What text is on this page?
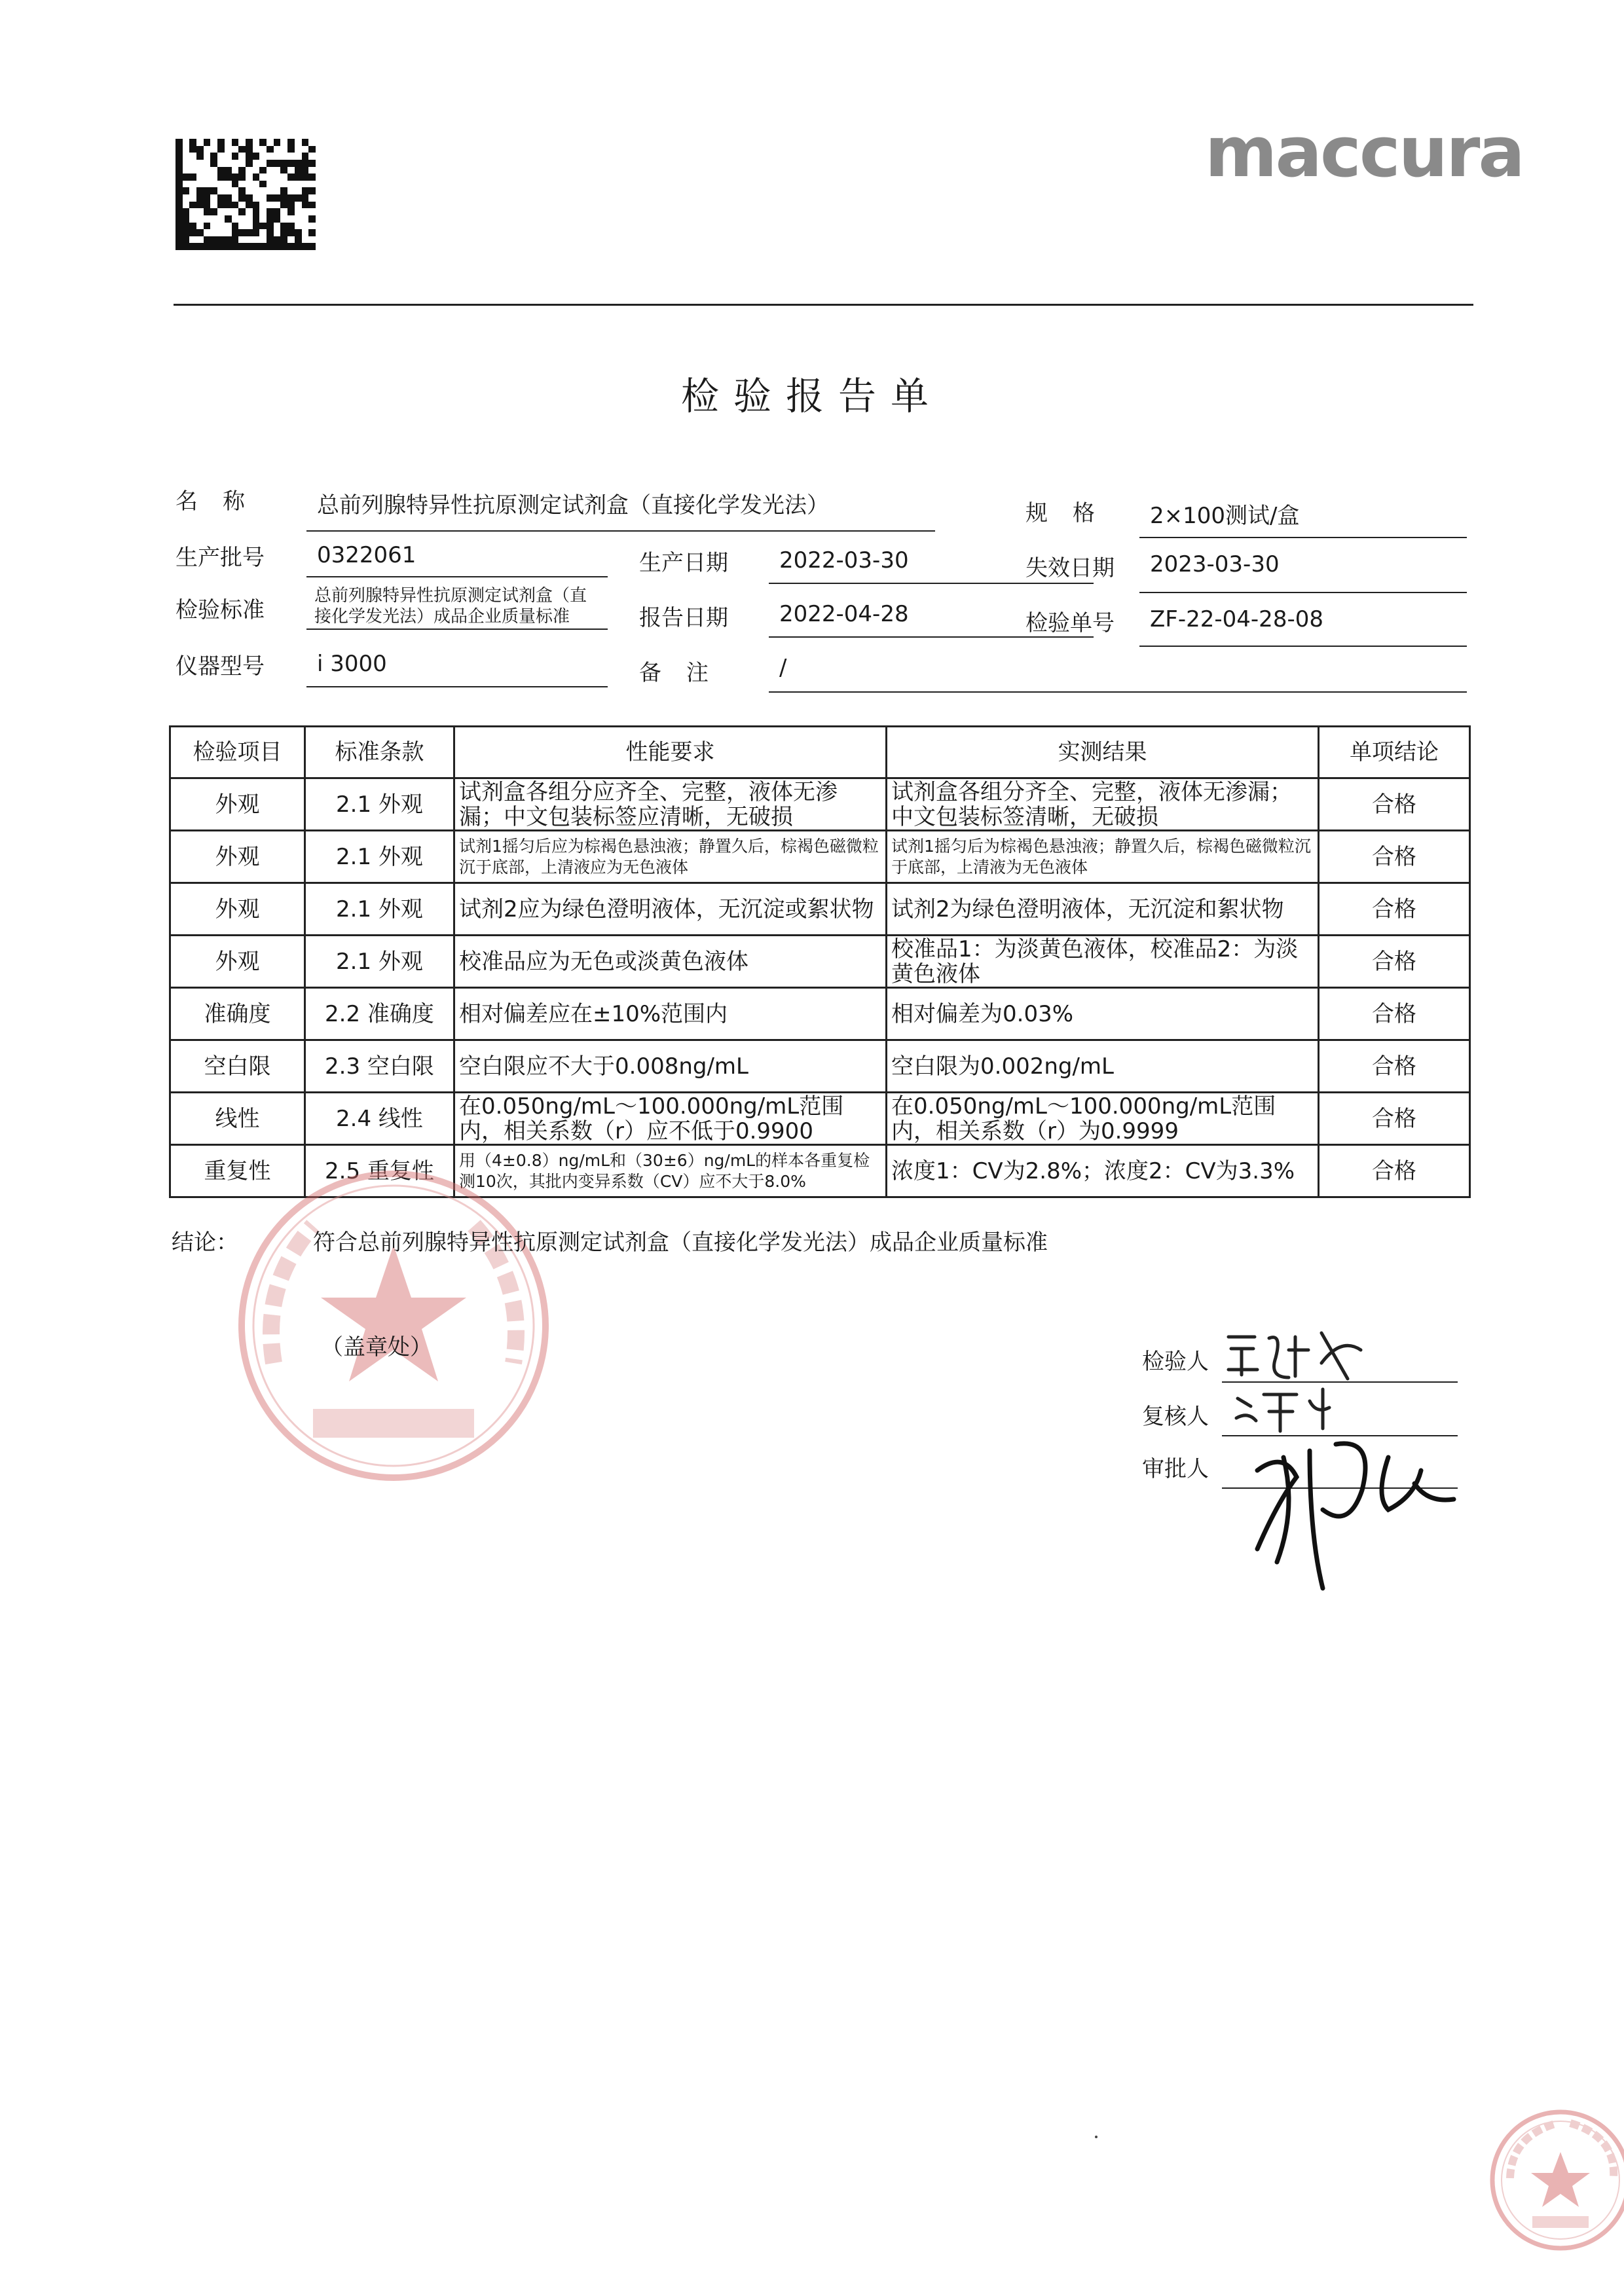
maccura
检验报告单
名称 总前列腺特异性抗原测定试剂盒（直接化学发光法）	规格 2×100测试/盒
生产批号 0322061	生产日期 2022-03-30	失效日期 2023-03-30
检验标准
总前列腺特异性抗原测定试剂盒（直接化学发光法）成品企业质量标准	报告日期 2022-04-28	检验单号 ZF-22-04-28-08
仪器型号 i 3000	备注 /
检验项目	标准条款	性能要求	实测结果	单项结论
外观	2.1 外观	试剂盒各组分应齐全、完整，液体无渗漏；中文包装标签应清晰，无破损	试剂盒各组分齐全、完整，液体无渗漏；中文包装标签清晰，无破损	合格
外观	2.1 外观	试剂1摇匀后应为棕褐色悬浊液；静置久后，棕褐色磁微粒沉于底部，上清液应为无色液体	试剂1摇匀后为棕褐色悬浊液；静置久后，棕褐色磁微粒沉于底部，上清液为无色液体	合格
外观	2.1 外观	试剂2应为绿色澄明液体，无沉淀或絮状物	试剂2为绿色澄明液体，无沉淀和絮状物	合格
外观	2.1 外观	校准品应为无色或淡黄色液体	校准品1：为淡黄色液体，校准品2：为淡黄色液体	合格
准确度	2.2 准确度	相对偏差应在±10%范围内	相对偏差为0.03%	合格
空白限	2.3 空白限	空白限应不大于0.008ng/mL	空白限为0.002ng/mL	合格
线性	2.4 线性	在0.050ng/mL～100.000ng/mL范围内，相关系数（r）应不低于0.9900	在0.050ng/mL～100.000ng/mL范围内，相关系数（r）为0.9999	合格
重复性	2.5 重复性	用（4±0.8）ng/mL和（30±6）ng/mL的样本各重复检测10次，其批内变异系数（CV）应不大于8.0%	浓度1：CV为2.8%；浓度2：CV为3.3%	合格
结论：	符合总前列腺特异性抗原测定试剂盒（直接化学发光法）成品企业质量标准
（盖章处）
检验人
复核人
审批人
